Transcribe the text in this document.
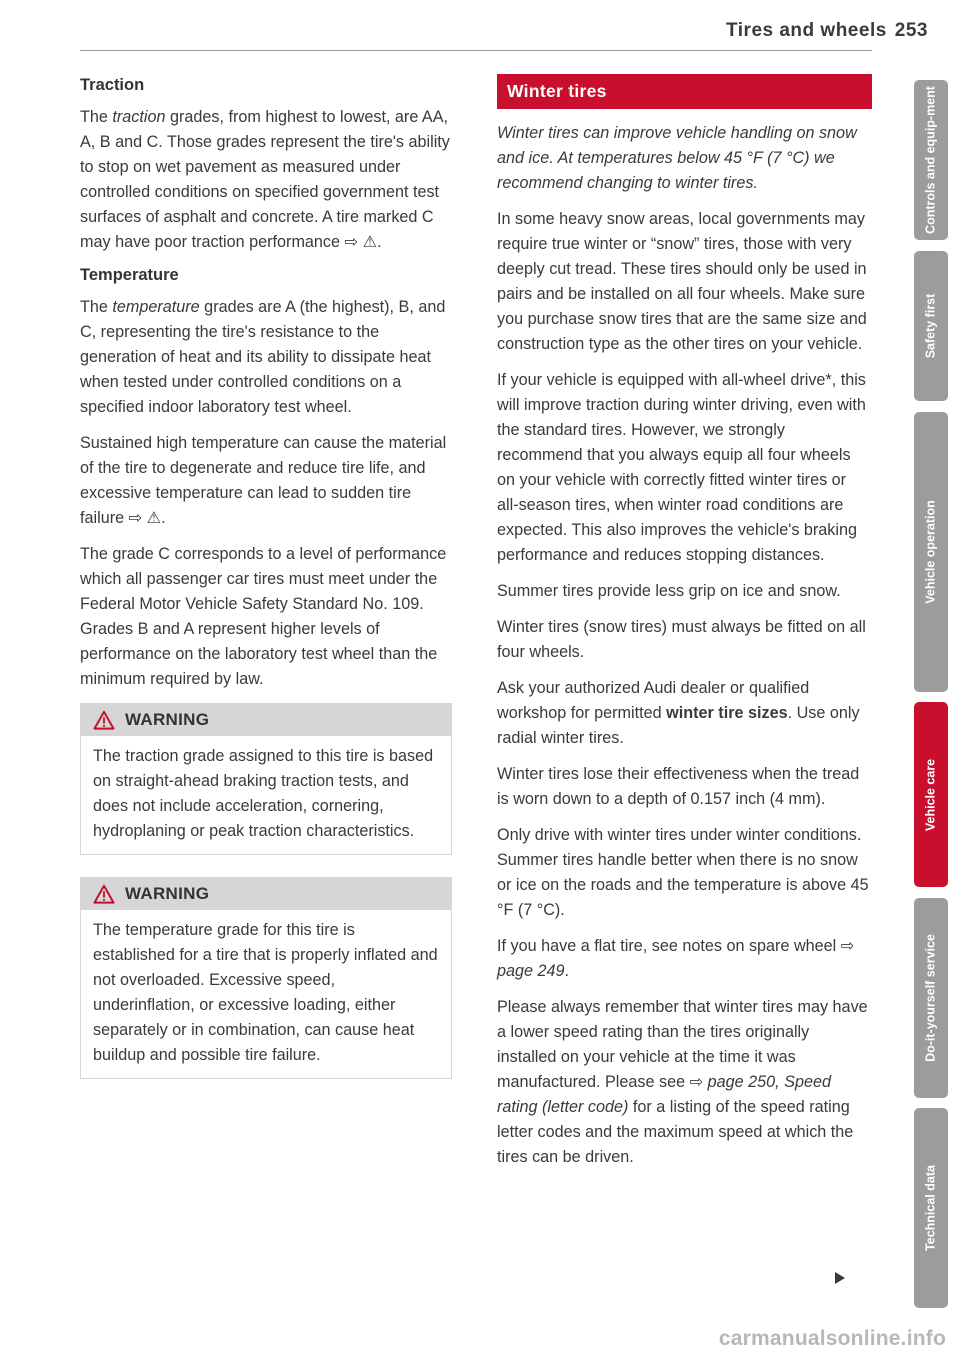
Tires and wheels 253
Traction

The traction grades, from highest to lowest, are AA, A, B and C. Those grades represent the tire's ability to stop on wet pavement as measured under controlled conditions on specified government test surfaces of asphalt and concrete. A tire marked C may have poor traction performance ⇨ ⚠.

Temperature

The temperature grades are A (the highest), B, and C, representing the tire's resistance to the generation of heat and its ability to dissipate heat when tested under controlled conditions on a specified indoor laboratory test wheel.

Sustained high temperature can cause the material of the tire to degenerate and reduce tire life, and excessive temperature can lead to sudden tire failure ⇨ ⚠.

The grade C corresponds to a level of performance which all passenger car tires must meet under the Federal Motor Vehicle Safety Standard No. 109. Grades B and A represent higher levels of performance on the laboratory test wheel than the minimum required by law.

WARNING
The traction grade assigned to this tire is based on straight-ahead braking traction tests, and does not include acceleration, cornering, hydroplaning or peak traction characteristics.
WARNING
The temperature grade for this tire is established for a tire that is properly inflated and not overloaded. Excessive speed, underinflation, or excessive loading, either separately or in combination, can cause heat buildup and possible tire failure.
Winter tires

Winter tires can improve vehicle handling on snow and ice. At temperatures below 45 °F (7 °C) we recommend changing to winter tires.

In some heavy snow areas, local governments may require true winter or “snow” tires, those with very deeply cut tread. These tires should only be used in pairs and be installed on all four wheels. Make sure you purchase snow tires that are the same size and construction type as the other tires on your vehicle.

If your vehicle is equipped with all-wheel drive*, this will improve traction during winter driving, even with the standard tires. However, we strongly recommend that you always equip all four wheels on your vehicle with correctly fitted winter tires or all-season tires, when winter road conditions are expected. This also improves the vehicle's braking performance and reduces stopping distances.

Summer tires provide less grip on ice and snow.

Winter tires (snow tires) must always be fitted on all four wheels.

Ask your authorized Audi dealer or qualified workshop for permitted winter tire sizes. Use only radial winter tires.

Winter tires lose their effectiveness when the tread is worn down to a depth of 0.157 inch (4 mm).

Only drive with winter tires under winter conditions. Summer tires handle better when there is no snow or ice on the roads and the temperature is above 45 °F (7 °C).

If you have a flat tire, see notes on spare wheel ⇨ page 249.

Please always remember that winter tires may have a lower speed rating than the tires originally installed on your vehicle at the time it was manufactured. Please see ⇨ page 250, Speed rating (letter code) for a listing of the speed rating letter codes and the maximum speed at which the tires can be driven.

Controls and equip-ment
Safety first
Vehicle operation
Vehicle care
Do-it-yourself service
Technical data
carmanualsonline.info
